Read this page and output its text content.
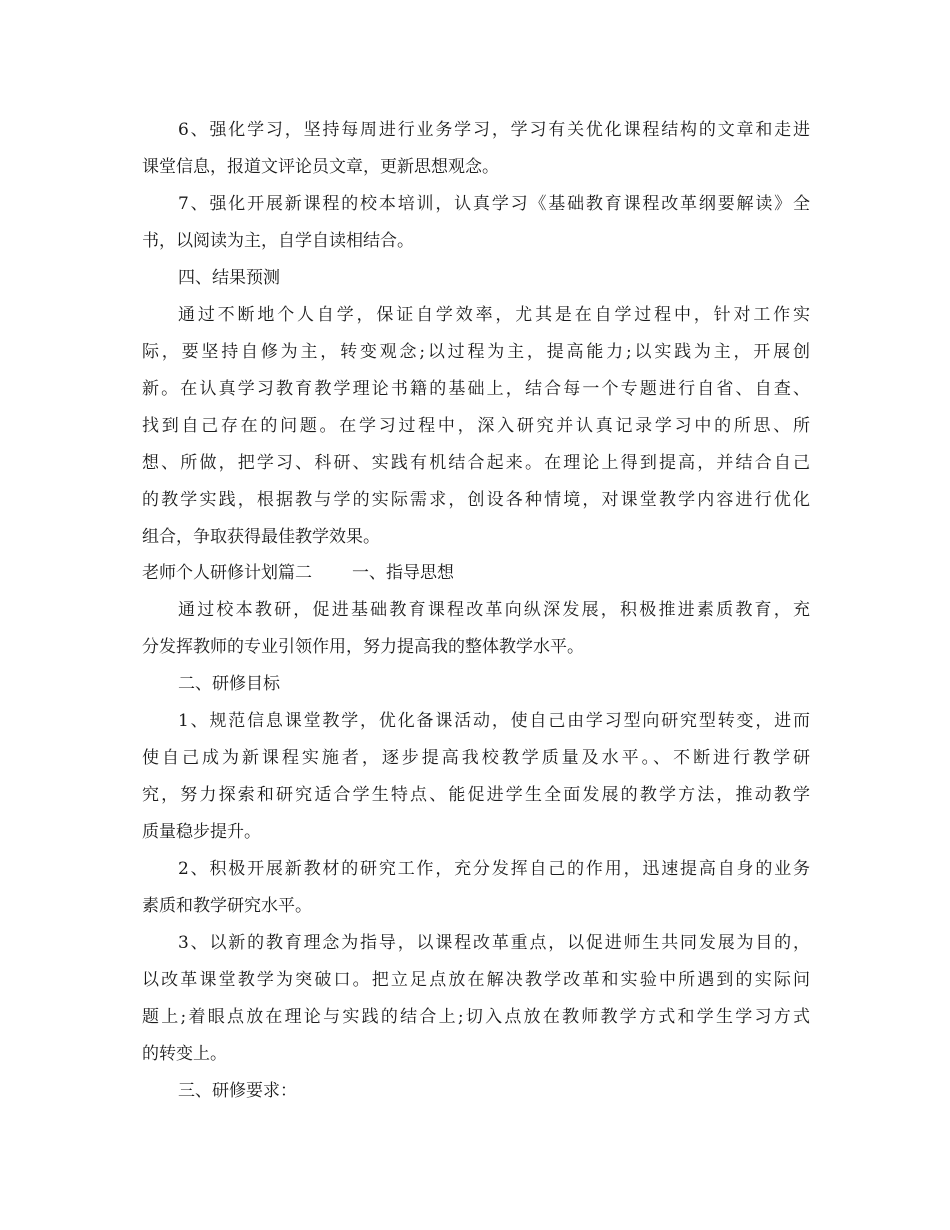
6、强化学习，坚持每周进行业务学习，学习有关优化课程结构的文章和走进
课堂信息，报道文评论员文章，更新思想观念。
7、强化开展新课程的校本培训，认真学习《基础教育课程改革纲要解读》全
书，以阅读为主，自学自读相结合。
四、结果预测
通过不断地个人自学，保证自学效率，尤其是在自学过程中，针对工作实
际，要坚持自修为主，转变观念;以过程为主，提高能力;以实践为主，开展创
新。在认真学习教育教学理论书籍的基础上，结合每一个专题进行自省、自查、
找到自己存在的问题。在学习过程中，深入研究并认真记录学习中的所思、所
想、所做，把学习、科研、实践有机结合起来。在理论上得到提高，并结合自己
的教学实践，根据教与学的实际需求，创设各种情境，对课堂教学内容进行优化
组合，争取获得最佳教学效果。
老师个人研修计划篇二 一、指导思想
通过校本教研，促进基础教育课程改革向纵深发展，积极推进素质教育，充
分发挥教师的专业引领作用，努力提高我的整体教学水平。
二、研修目标
1、规范信息课堂教学，优化备课活动，使自己由学习型向研究型转变，进而
使自己成为新课程实施者，逐步提高我校教学质量及水平。、不断进行教学研
究，努力探索和研究适合学生特点、能促进学生全面发展的教学方法，推动教学
质量稳步提升。
2、积极开展新教材的研究工作，充分发挥自己的作用，迅速提高自身的业务
素质和教学研究水平。
3、以新的教育理念为指导，以课程改革重点，以促进师生共同发展为目的，
以改革课堂教学为突破口。把立足点放在解决教学改革和实验中所遇到的实际问
题上;着眼点放在理论与实践的结合上;切入点放在教师教学方式和学生学习方式
的转变上。
三、研修要求：
